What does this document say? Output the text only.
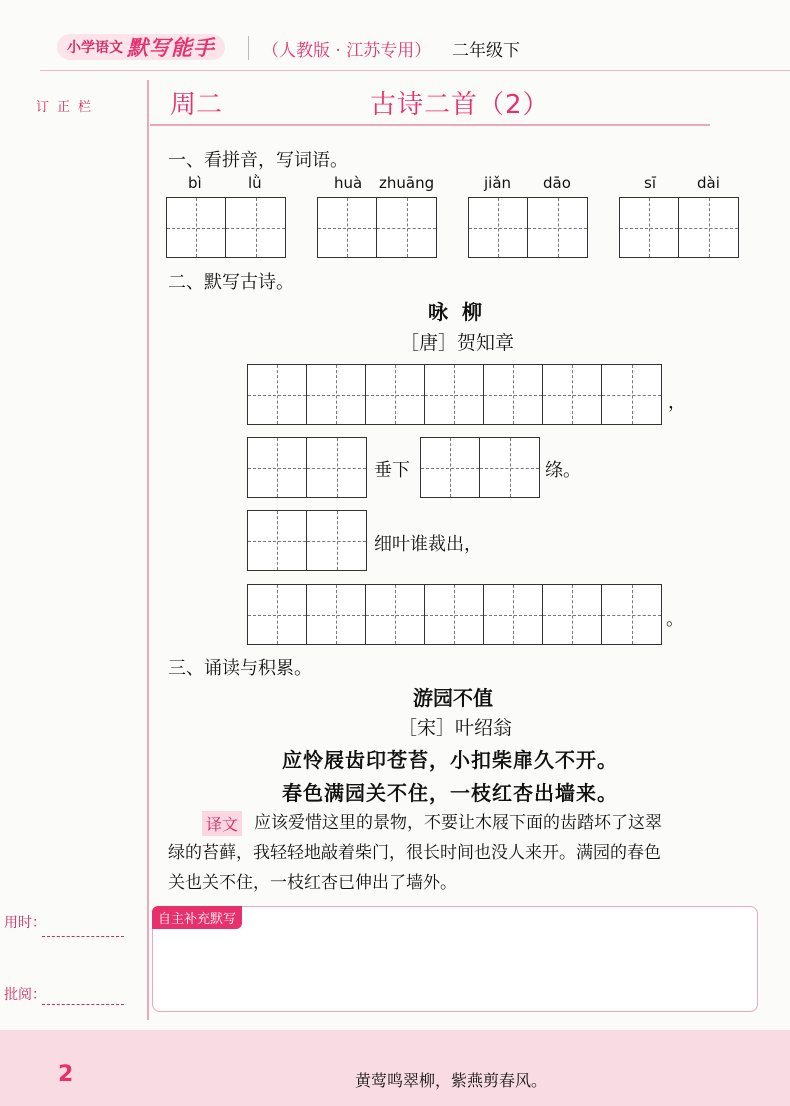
小学语文 默写能手	（人教版 · 江苏专用） 二年级下
订正栏
用时：
批阅：
周二	古诗二首（2）
一、看拼音，写词语。
bì	lǜ	huà zhuāng	jiǎn dāo	sī	dài
二、默写古诗。
咏柳
［唐］贺知章
，
垂下	绦。
细叶谁裁出，
。
三、诵读与积累。
游园不值
［宋］叶绍翁
应怜屐齿印苍苔，小扣柴扉久不开。
春色满园关不住，一枝红杏出墙来。
译文 应该爱惜这里的景物，不要让木屐下面的齿踏坏了这翠
绿的苔藓，我轻轻地敲着柴门，很长时间也没人来开。满园的春色
关也关不住，一枝红杏已伸出了墙外。
自主补充默写
2	黄莺鸣翠柳，紫燕剪春风。
